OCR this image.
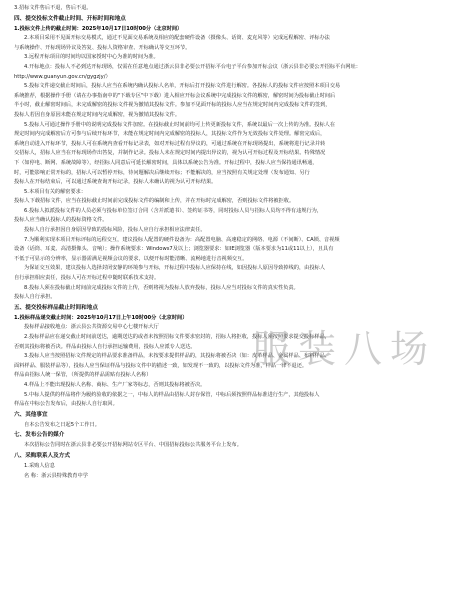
3.招标文件售后不退，售后不退。
四、提交投标文件截止时间、开标时间和地点
1.投标文件上传的截止时间：2025年10月17日10时00分（北京时间）
2.本项目采用不见面开标交易模式，通过不见面交易系统及相应的配套硬件设备（摄像头、话筒、麦克风等）完成远程解密、评标办法
与系统操作、开标现场异议及答复、投标人资格审查、开标确认等交互环节。
3.远程开标项目的时间均以国家授时中心为准的时间为准。
4.开标地点：投标人不必到达开标现场，仅需在任意地点通过浙云县非必要公开招标平台电子平台参加开标会议（浙云县非必要公开招标平台网址：
http://www.guanyun.gov.cn/gygzjy/）
5.投标文件递交截止时间后，投标人应当在系统内确认投标人名单，开标后打开投标文件进行解密。各投标人的投标文件应按照本项目交易
系统推荐，根据操作手册（请在办事指南中的"下载专区"中下载）进入相应开标会议系统中完成投标文件的解密，解密时间为投标截止时间后
半小时，截止解密时间后，未完成解密的投标文件视为撤销其投标文件。参加不见面开标的投标人应当在规定时间内完成投标文件的签到，
投标人若因自身原因未能在规定时间内完成解密，视为撤销其投标文件。
5.投标人可通过操作手册中的说明完成投标文件加密。在投标截止时间前均可上传更新投标文件，系统以最后一次上传的为准。投标人在
规定时间内完成解密后方可参与后续开标环节，未能在规定时间内完成解密的投标人，其投标文件作为无效投标文件处理。解密完成后，
系统自动进入开标环节，投标人可在系统内查看开标记录表，如对开标过程有异议的，可通过系统在开标现场提出，系统将进行记录并转
交招标人，招标人应当在开标现场作出答复，并制作记录。投标人未在规定时间内提出异议的，视为认可开标过程及开标结果。特殊情况
下（如停电、断网、系统故障等），经招标人同意后可延长解密时间，具体以系统公告为准。开标过程中，投标人应当保持通讯畅通，
时，可能影响正常开标的，招标人可以暂停开标，待问题解决后继续开标；不能解决的，应当按照有关规定处理（发布通知、另行
投标人在开标结束后，可以通过系统查询开标记录，投标人未确认的视为认可开标结果。
5.本项目有关的解密要求：
投标人下载招标文件，应当在投标截止时间前完成投标文件的编制和上传，并在开标时完成解密，否则投标文件将被拒收。
6.投标人拟派投标文件的人员必须与投标单位签订合同（含并派遣书）、签约证书等，同时投标人员与招标人员均不得有违规行为，
投标人应当确认投标人的投标资格文件。
投标人自行承担因自身原因导致的投标风险，投标人应自行承担相应法律责任。
7.为顺利实现本项目开标评标的远程交互，建议投标人配置的硬件设备为：高配置电脑、高速稳定的网络、电源（不间断）、CA锁、音视频
设备（话筒、耳麦、高清摄像头、音响）；操作系统要求：Windows7及以上；浏览器要求：如IE浏览器（版本要求为11或11以上），且具有
不低于可显示的分辨率，显示器需满足视频会议的要求，以便开标时能清晰、流畅地进行音视频交互。
为保证交互效果，建议投标人选择封闭安静的环境参与开标，开标过程中投标人应保持在线，如因投标人原因导致掉线的，由投标人
自行承担相应责任，投标人可在开标过程中随时联系技术支持。
8.投标人须在投标截止时间前完成投标文件的上传，否则将视为投标人放弃投标，投标人应当对投标文件的真实性负责。
投标人自行承担。
五、提交投标样品截止时间和地点
1.投标样品递交截止时间：2025年10月17日上午10时00分（北京时间）
投标样品接收地点：浙云县公共资源交易中心七楼开标大厅
2.投标样品应在递交截止时间前送达，逾期送达的或者未按照招标文件要求密封的，招标人将拒收，投标人须按照要求提交投标样品，
否则其投标将被否决。样品由投标人自行承担运输费用，投标人应派专人送达。
3.投标人应当按照招标文件规定的样品要求准备样品，未按要求提供样品的，其投标将被否决（如：皮革样品、金属样品、布料样品、
面料样品、服装样品等），投标人应当保证样品与投标文件中的描述一致，如发现不一致的，以投标文件为准，样品一律不退还。
样品由招标人统一保管，（所提供的样品需贴有投标人名称）
4.样品上不能出现投标人名称、商标、生产厂家等标志，否则其投标将被否决。
5.中标人提供的样品将作为履约验收的依据之一，中标人的样品由招标人封存保管，中标后须按照样品标准进行生产，其他投标人
样品在中标公告发布后，由投标人自行取回。
六、其他事宜
自本公告发布之日起5个工作日。
七、发布公告的媒介
本次招标公告同时在浙云县非必要公开招标网站专区平台、中国招标投标公共服务平台上发布。
八、采购联系人及方式
1.采购人信息
名 称：浙云县特殊教育中学
服装八场
